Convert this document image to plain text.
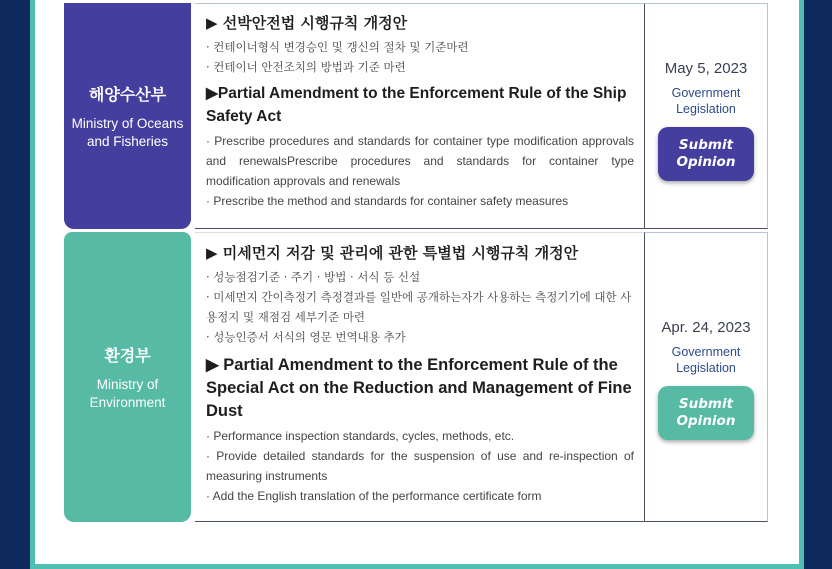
해양수산부
Ministry of Oceans and Fisheries
▶ 선박안전법 시행규칙 개정안
· 컨테이너형식 변경승인 및 갱신의 절차 및 기준마련
· 컨테이너 안전조치의 방법과 기준 마련
▶Partial Amendment to the Enforcement Rule of the Ship Safety Act
· Prescribe procedures and standards for container type modification approvals and renewalsPrescribe procedures and standards for container type modification approvals and renewals
· Prescribe the method and standards for container safety measures
May 5, 2023
Government Legislation
Submit Opinion
환경부
Ministry of Environment
▶ 미세먼지 저감 및 관리에 관한 특별법 시행규칙 개정안
· 성능점검기준 · 주기 · 방법 · 서식 등 신설
· 미세먼지 간이측정기 측정결과를 일반에 공개하는자가 사용하는 측정기기에 대한 사용정지 및 재점검 세부기준 마련
· 성능인증서 서식의 영문 번역내용 추가
▶ Partial Amendment to the Enforcement Rule of the Special Act on the Reduction and Management of Fine Dust
· Performance inspection standards, cycles, methods, etc.
· Provide detailed standards for the suspension of use and re-inspection of measuring instruments
· Add the English translation of the performance certificate form
Apr. 24, 2023
Government Legislation
Submit Opinion
